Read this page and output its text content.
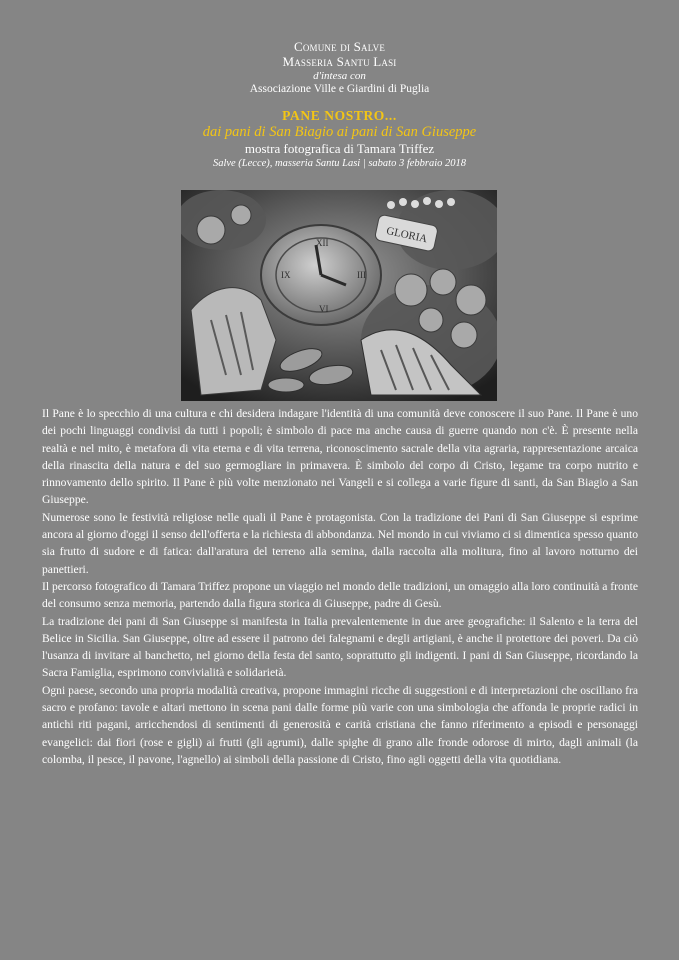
Comune di Salve
Masseria Santu Lasi
d'intesa con
Associazione Ville e Giardini di Puglia
PANE NOSTRO...
dai pani di San Biagio ai pani di San Giuseppe
mostra fotografica di Tamara Triffez
Salve (Lecce), masseria Santu Lasi | sabato 3 febbraio 2018
XII
III
VI
IX
GLORIA

Il Pane è lo specchio di una cultura e chi desidera indagare l'identità di una comunità deve conoscere il suo Pane. Il Pane è uno dei pochi linguaggi condivisi da tutti i popoli; è simbolo di pace ma anche causa di guerre quando non c'è. È presente nella realtà e nel mito, è metafora di vita eterna e di vita terrena, riconoscimento sacrale della vita agraria, rappresentazione arcaica della rinascita della natura e del suo germogliare in primavera. È simbolo del corpo di Cristo, legame tra corpo nutrito e rinnovamento dello spirito. Il Pane è più volte menzionato nei Vangeli e si collega a varie figure di santi, da San Biagio a San Giuseppe.

Numerose sono le festività religiose nelle quali il Pane è protagonista. Con la tradizione dei Pani di San Giuseppe si esprime ancora al giorno d'oggi il senso dell'offerta e la richiesta di abbondanza. Nel mondo in cui viviamo ci si dimentica spesso quanto sia frutto di sudore e di fatica: dall'aratura del terreno alla semina, dalla raccolta alla molitura, fino al lavoro notturno dei panettieri.

Il percorso fotografico di Tamara Triffez propone un viaggio nel mondo delle tradizioni, un omaggio alla loro continuità a fronte del consumo senza memoria, partendo dalla figura storica di Giuseppe, padre di Gesù.

La tradizione dei pani di San Giuseppe si manifesta in Italia prevalentemente in due aree geografiche: il Salento e la terra del Belice in Sicilia. San Giuseppe, oltre ad essere il patrono dei falegnami e degli artigiani, è anche il protettore dei poveri. Da ciò l'usanza di invitare al banchetto, nel giorno della festa del santo, soprattutto gli indigenti. I pani di San Giuseppe, ricordando la Sacra Famiglia, esprimono convivialità e solidarietà.

Ogni paese, secondo una propria modalità creativa, propone immagini ricche di suggestioni e di interpretazioni che oscillano fra sacro e profano: tavole e altari mettono in scena pani dalle forme più varie con una simbologia che affonda le proprie radici in antichi riti pagani, arricchendosi di sentimenti di generosità e carità cristiana che fanno riferimento a episodi e personaggi evangelici: dai fiori (rose e gigli) ai frutti (gli agrumi), dalle spighe di grano alle fronde odorose di mirto, dagli animali (la colomba, il pesce, il pavone, l'agnello) ai simboli della passione di Cristo, fino agli oggetti della vita quotidiana.
